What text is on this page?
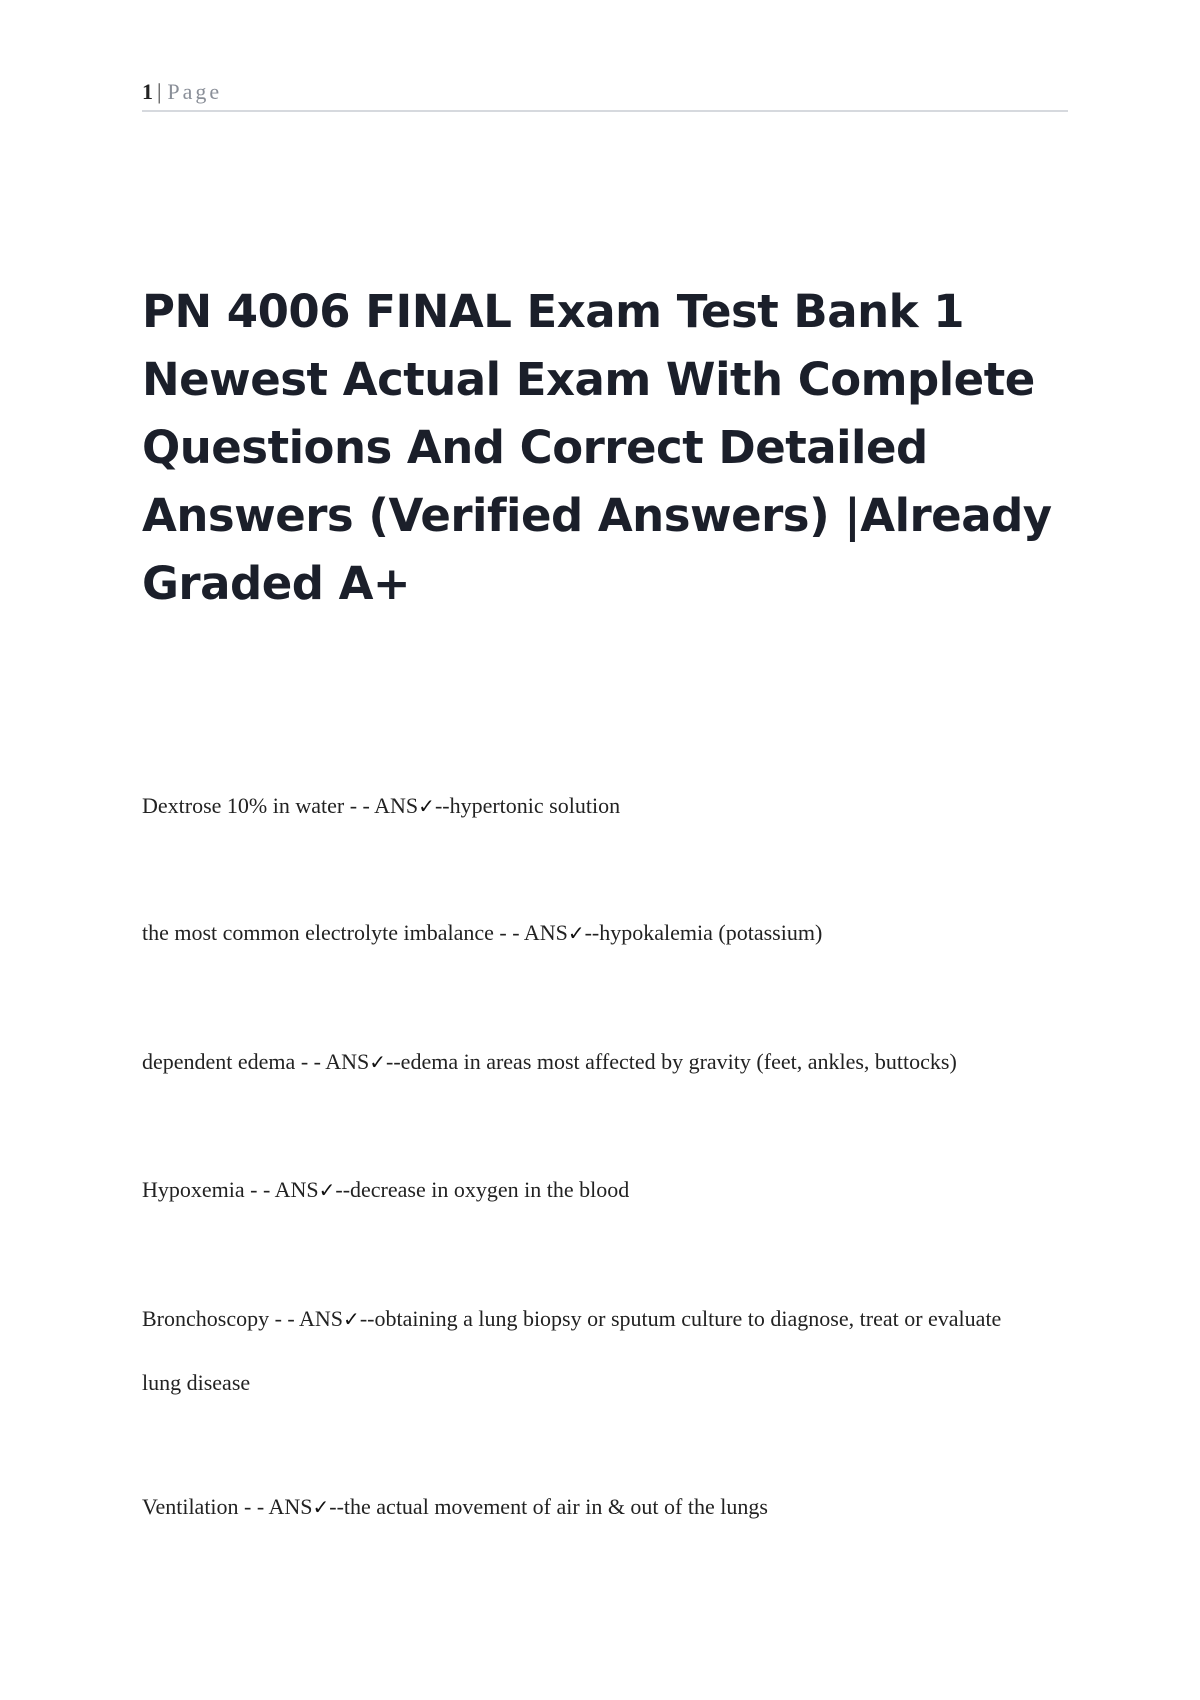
1 | Page
PN 4006 FINAL Exam Test Bank 1 Newest Actual Exam With Complete Questions And Correct Detailed Answers (Verified Answers) |Already Graded A+

Dextrose 10% in water - - ANS✓--hypertonic solution

the most common electrolyte imbalance - - ANS✓--hypokalemia (potassium)

dependent edema - - ANS✓--edema in areas most affected by gravity (feet, ankles, buttocks)

Hypoxemia - - ANS✓--decrease in oxygen in the blood

Bronchoscopy - - ANS✓--obtaining a lung biopsy or sputum culture to diagnose, treat or evaluate lung disease

Ventilation - - ANS✓--the actual movement of air in & out of the lungs
